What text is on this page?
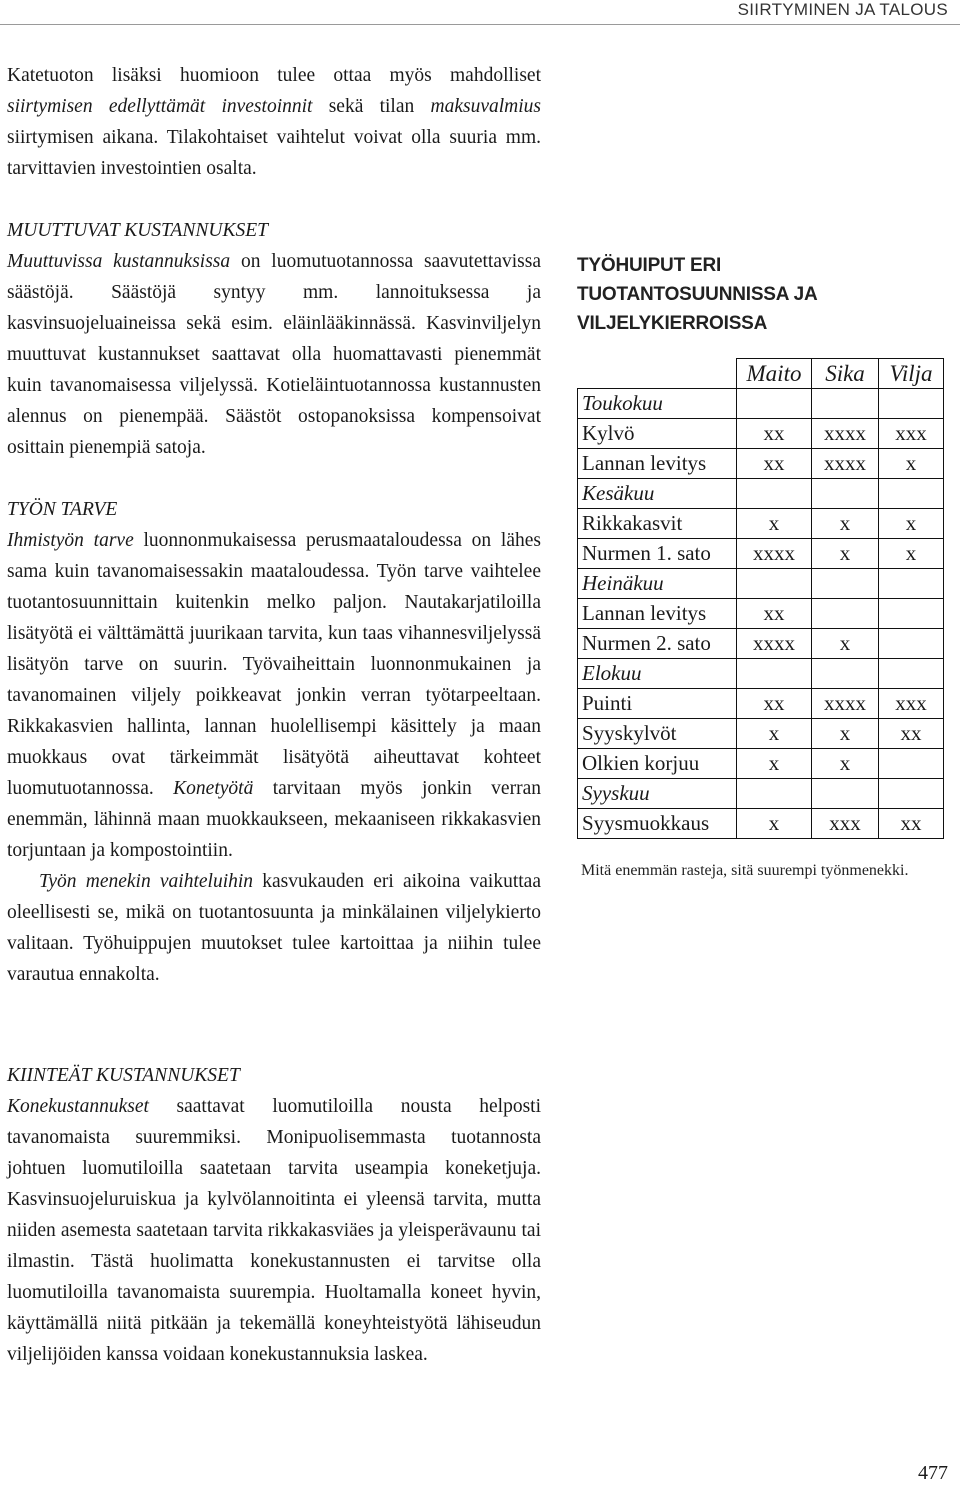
SIIRTYMINEN JA TALOUS

Katetuoton lisäksi huomioon tulee ottaa myös mahdolliset siirtymisen edellyttämät investoinnit sekä tilan maksuvalmius siirtymisen aikana. Tilakohtaiset vaihtelut voivat olla suuria mm. tarvittavien investointien osalta.

MUUTTUVAT KUSTANNUKSET

Muuttuvissa kustannuksissa on luomutuotannossa saavutettavissa säästöjä. Säästöjä syntyy mm. lannoituksessa ja kasvinsuojeluaineissa sekä esim. eläinlääkinnässä. Kasvinviljelyn muuttuvat kustannukset saattavat olla huomattavasti pienemmät kuin tavanomaisessa viljelyssä. Kotieläintuotannossa kustannusten alennus on pienempää. Säästöt ostopanoksissa kompensoivat osittain pienempiä satoja.

TYÖN TARVE

Ihmistyön tarve luonnonmukaisessa perusmaataloudessa on lähes sama kuin tavanomaisessakin maataloudessa. Työn tarve vaihtelee tuotantosuunnittain kuitenkin melko paljon. Nautakarjatiloilla lisätyötä ei välttämättä juurikaan tarvita, kun taas vihannesviljelyssä lisätyön tarve on suurin. Työvaiheittain luonnonmukainen ja tavanomainen viljely poikkeavat jonkin verran työtarpeeltaan. Rikkakasvien hallinta, lannan huolellisempi käsittely ja maan muokkaus ovat tärkeimmät lisätyötä aiheuttavat kohteet luomutuotannossa. Konetyötä tarvitaan myös jonkin verran enemmän, lähinnä maan muokkaukseen, mekaaniseen rikkakasvien torjuntaan ja kompostointiin.

Työn menekin vaihteluihin kasvukauden eri aikoina vaikuttaa oleellisesti se, mikä on tuotantosuunta ja minkälainen viljelykierto valitaan. Työhuippujen muutokset tulee kartoittaa ja niihin tulee varautua ennakolta.

KIINTEÄT KUSTANNUKSET

Konekustannukset saattavat luomutiloilla nousta helposti tavanomaista suuremmiksi. Monipuolisemmasta tuotannosta johtuen luomutiloilla saatetaan tarvita useampia koneketjuja. Kasvinsuojeluruiskua ja kylvölannoitinta ei yleensä tarvita, mutta niiden asemesta saatetaan tarvita rikkakasviäes ja yleisperävaunu tai ilmastin. Tästä huolimatta konekustannusten ei tarvitse olla luomutiloilla tavanomaista suurempia. Huoltamalla koneet hyvin, käyttämällä niitä pitkään ja tekemällä koneyhteistyötä lähiseudun viljelijöiden kanssa voidaan konekustannuksia laskea.

TYÖHUIPUT ERI
TUOTANTOSUUNNISSA JA
VILJELYKIERROISSA
	Maito	Sika	Vilja
Toukokuu			
Kylvö	xx	xxxx	xxx
Lannan levitys	xx	xxxx	x
Kesäkuu			
Rikkakasvit	x	x	x
Nurmen 1. sato	xxxx	x	x
Heinäkuu			
Lannan levitys	xx		
Nurmen 2. sato	xxxx	x	
Elokuu			
Puinti	xx	xxxx	xxx
Syyskylvöt	x	x	xx
Olkien korjuu	x	x	
Syyskuu			
Syysmuokkaus	x	xxx	xx
Mitä enemmän rasteja, sitä suurempi työnmenekki.
477
